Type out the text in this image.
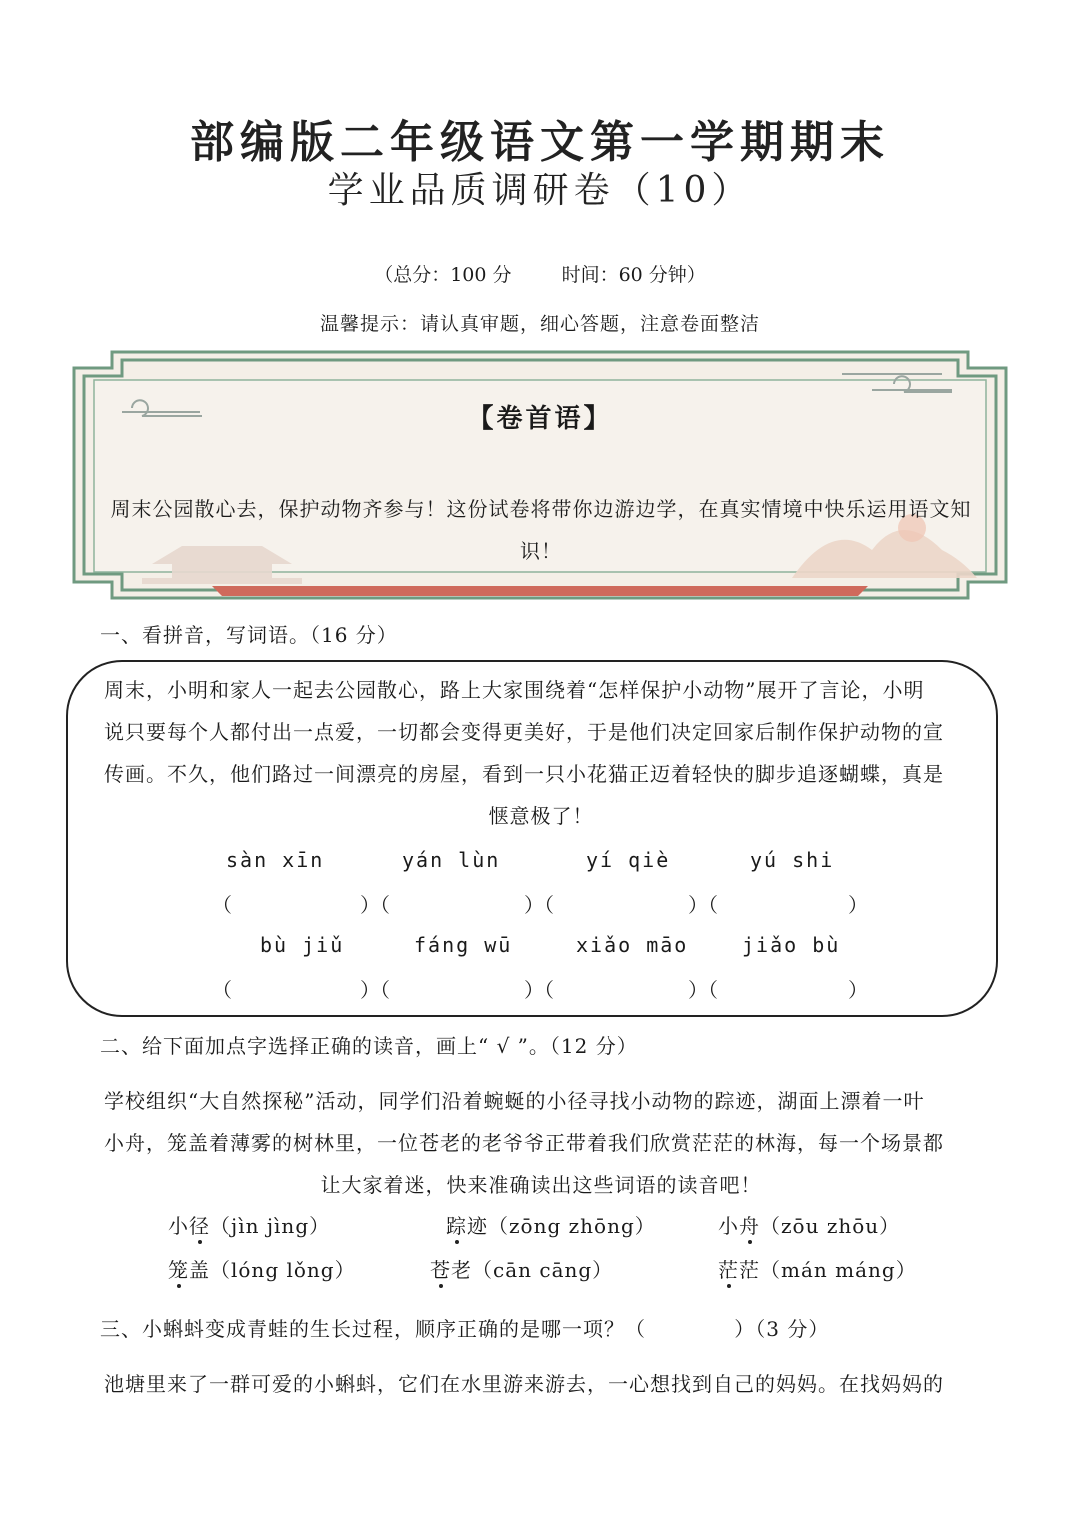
部编版二年级语文第一学期期末
学业品质调研卷（10）
（总分：100 分	时间：60 分钟）
温馨提示：请认真审题，细心答题，注意卷面整洁
【卷首语】
周末公园散心去，保护动物齐参与！这份试卷将带你边游边学，在真实情境中快乐运用语文知识！
一、看拼音，写词语。（16 分）
周末，小明和家人一起去公园散心，路上大家围绕着“怎样保护小动物”展开了言论，小明
说只要每个人都付出一点爱，一切都会变得更美好，于是他们决定回家后制作保护动物的宣
传画。不久，他们路过一间漂亮的房屋，看到一只小花猫正迈着轻快的脚步追逐蝴蝶，真是
惬意极了！
sàn xīn	yán lùn	yí qiè	yú shi
（	）（	）（	）（	）
bù jiǔ	fáng wū	xiǎo māo	jiǎo bù
（	）（	）（	）（	）
二、给下面加点字选择正确的读音，画上“ √ ”。（12 分）
学校组织“大自然探秘”活动，同学们沿着蜿蜒的小径寻找小动物的踪迹，湖面上漂着一叶
小舟，笼盖着薄雾的树林里，一位苍老的老爷爷正带着我们欣赏茫茫的林海，每一个场景都
让大家着迷，快来准确读出这些词语的读音吧！
小径（jìn jìng）	踪迹（zōng zhōng）	小舟（zōu zhōu）
笼盖（lóng lǒng）	苍老（cān cāng）	茫茫（mán máng）
三、小蝌蚪变成青蛙的生长过程，顺序正确的是哪一项？（            ）（3 分）
池塘里来了一群可爱的小蝌蚪，它们在水里游来游去，一心想找到自己的妈妈。在找妈妈的
